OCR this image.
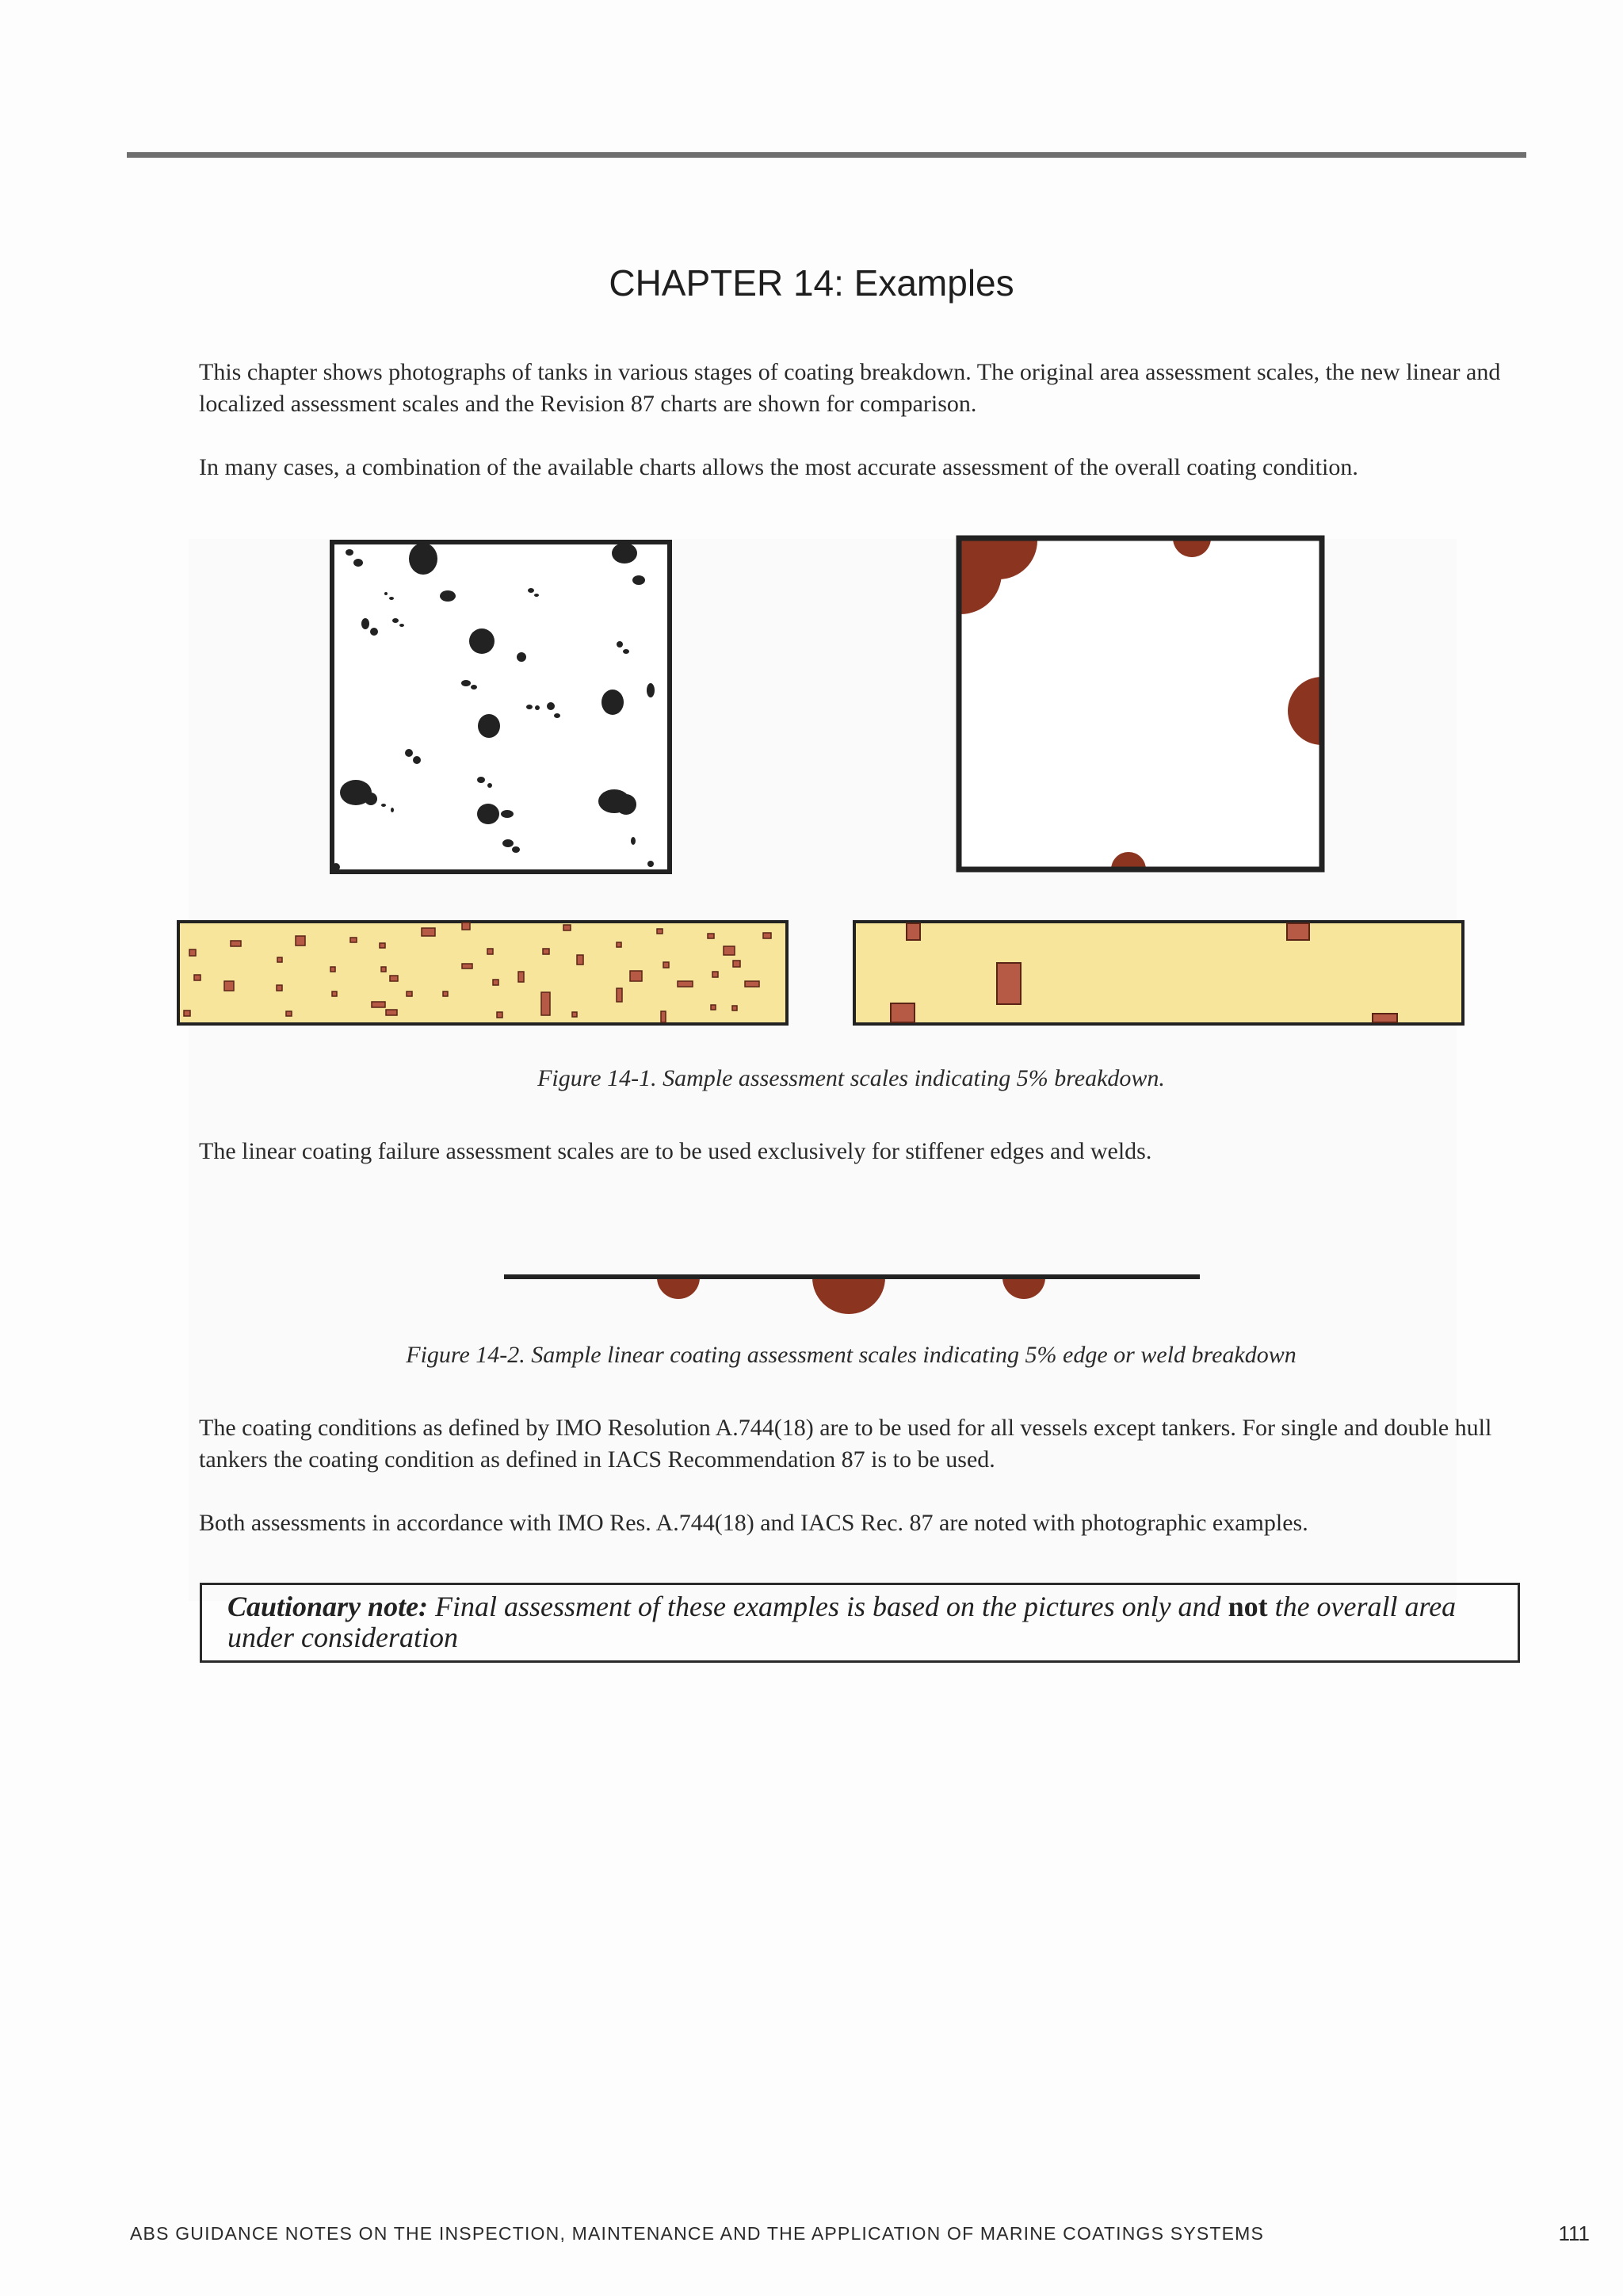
CHAPTER 14: Examples
This chapter shows photographs of tanks in various stages of coating breakdown. The original area assessment scales, the new linear and localized assessment scales and the Revision 87 charts are shown for comparison.
In many cases, a combination of the available charts allows the most accurate assessment of the overall coating condition.
Figure 14-1. Sample assessment scales indicating 5% breakdown.
The linear coating failure assessment scales are to be used exclusively for stiffener edges and welds.
Figure 14-2. Sample linear coating assessment scales indicating 5% edge or weld breakdown
The coating conditions as defined by IMO Resolution A.744(18) are to be used for all vessels except tankers. For single and double hull tankers the coating condition as defined in IACS Recommendation 87 is to be used.
Both assessments in accordance with IMO Res. A.744(18) and IACS Rec. 87 are noted with photographic examples.
Cautionary note: Final assessment of these examples is based on the pictures only and not the overall area under consideration
ABS GUIDANCE NOTES ON THE INSPECTION, MAINTENANCE AND THE APPLICATION OF MARINE COATINGS SYSTEMS	111
